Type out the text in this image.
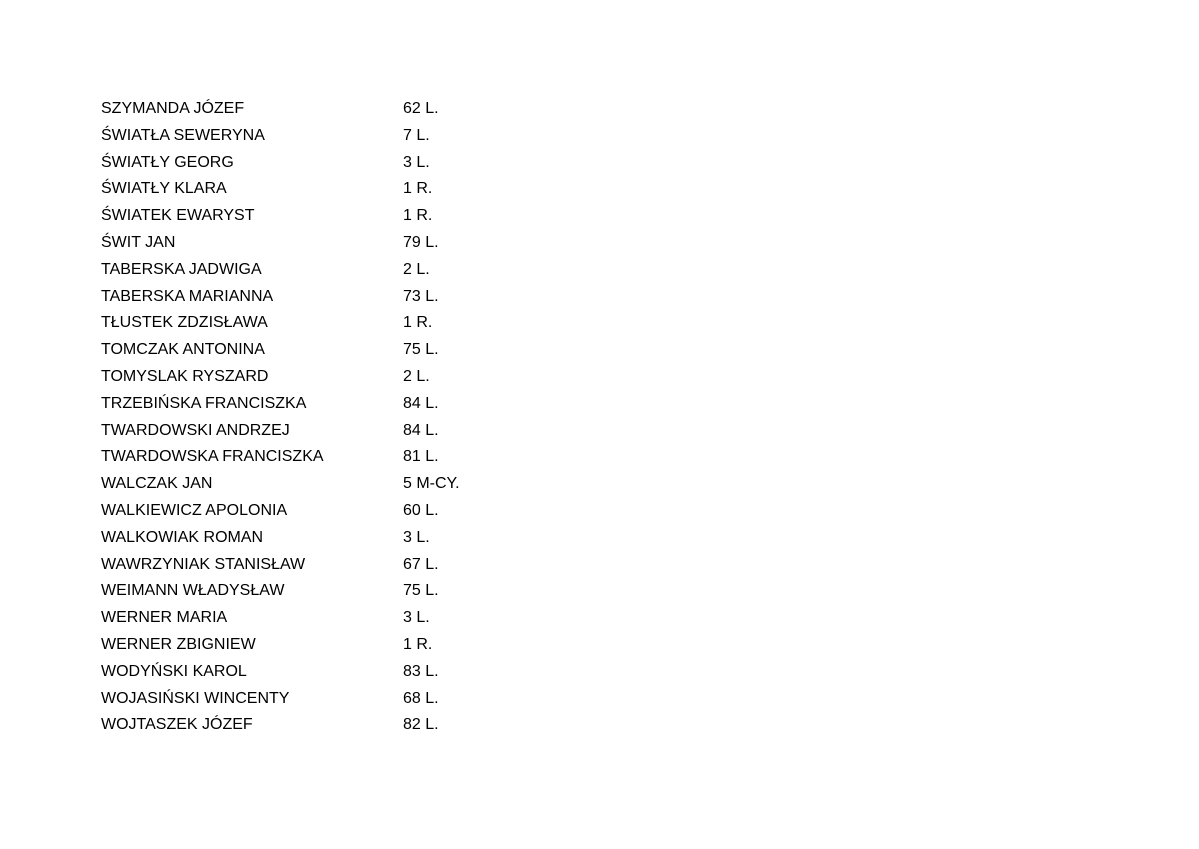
SZYMANDA JÓZEF	62 L.
ŚWIATŁA SEWERYNA	7 L.
ŚWIATŁY GEORG	3 L.
ŚWIATŁY KLARA	1 R.
ŚWIATEK EWARYST	1 R.
ŚWIT JAN	79 L.
TABERSKA JADWIGA	2 L.
TABERSKA MARIANNA	73 L.
TŁUSTEK ZDZISŁAWA	1 R.
TOMCZAK ANTONINA	75 L.
TOMYSLAK RYSZARD	2 L.
TRZEBIŃSKA FRANCISZKA	84 L.
TWARDOWSKI ANDRZEJ	84 L.
TWARDOWSKA FRANCISZKA	81 L.
WALCZAK JAN	5 M-CY.
WALKIEWICZ APOLONIA	60 L.
WALKOWIAK ROMAN	3 L.
WAWRZYNIAK STANISŁAW	67 L.
WEIMANN WŁADYSŁAW	75 L.
WERNER MARIA	3 L.
WERNER ZBIGNIEW	1 R.
WODYŃSKI KAROL	83 L.
WOJASIŃSKI WINCENTY	68 L.
WOJTASZEK JÓZEF	82 L.
